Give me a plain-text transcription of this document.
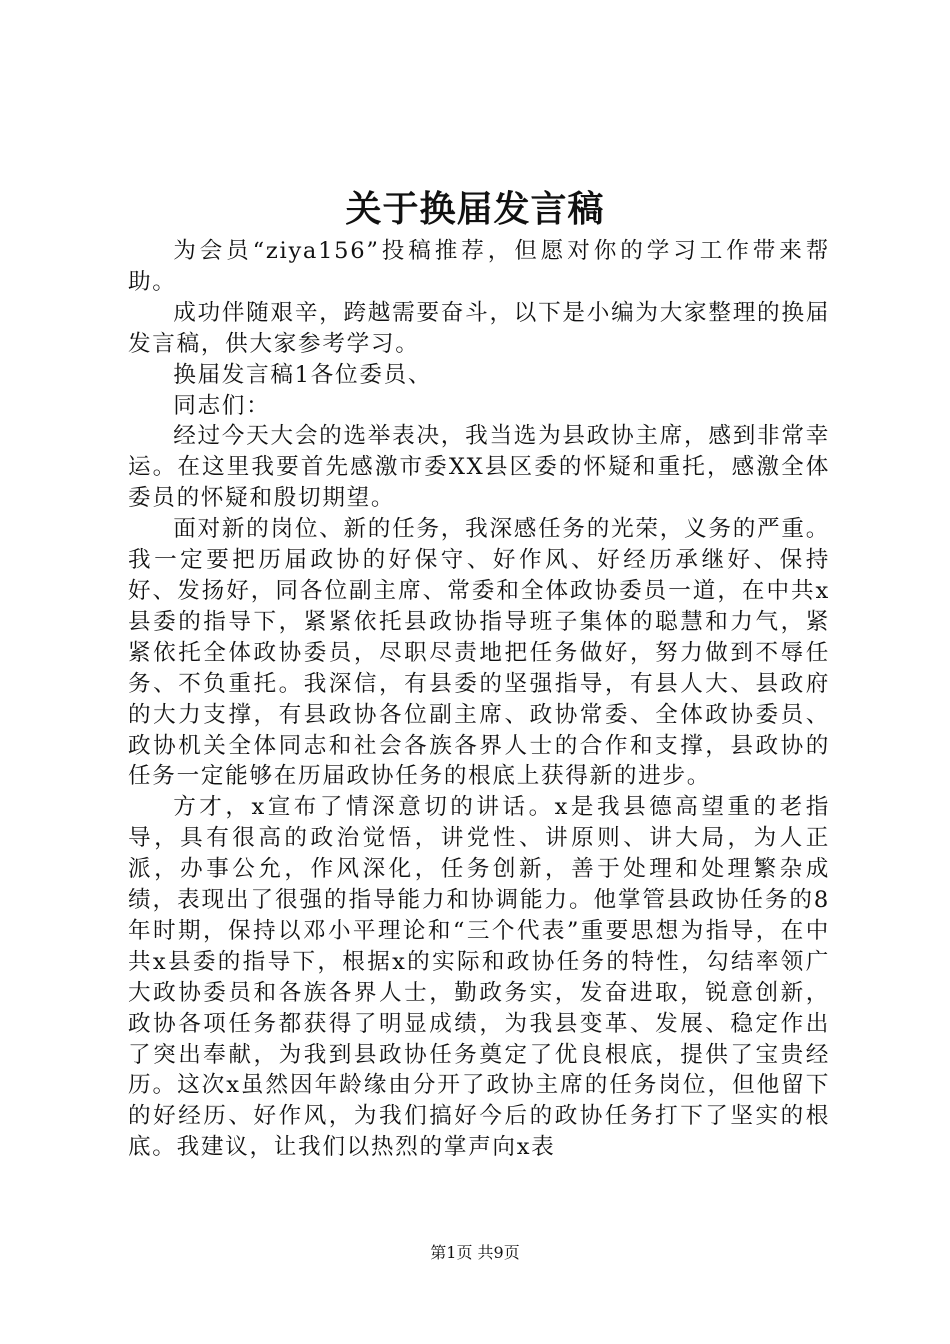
关于换届发言稿

为会员“ziya156”投稿推荐，但愿对你的学习工作带来帮助。

成功伴随艰辛，跨越需要奋斗，以下是小编为大家整理的换届发言稿，供大家参考学习。

换届发言稿1各位委员、

同志们：

经过今天大会的选举表决，我当选为县政协主席，感到非常幸运。在这里我要首先感激市委XX县区委的怀疑和重托，感激全体委员的怀疑和殷切期望。

面对新的岗位、新的任务，我深感任务的光荣，义务的严重。我一定要把历届政协的好保守、好作风、好经历承继好、保持好、发扬好，同各位副主席、常委和全体政协委员一道，在中共x县委的指导下，紧紧依托县政协指导班子集体的聪慧和力气，紧紧依托全体政协委员，尽职尽责地把任务做好，努力做到不辱任务、不负重托。我深信，有县委的坚强指导，有县人大、县政府的大力支撑，有县政协各位副主席、政协常委、全体政协委员、政协机关全体同志和社会各族各界人士的合作和支撑，县政协的任务一定能够在历届政协任务的根底上获得新的进步。

方才，x宣布了情深意切的讲话。x是我县德高望重的老指导，具有很高的政治觉悟，讲党性、讲原则、讲大局，为人正派，办事公允，作风深化，任务创新，善于处理和处理繁杂成绩，表现出了很强的指导能力和协调能力。他掌管县政协任务的8年时期，保持以邓小平理论和“三个代表”重要思想为指导，在中共x县委的指导下，根据x的实际和政协任务的特性，勾结率领广大政协委员和各族各界人士，勤政务实，发奋进取，锐意创新，政协各项任务都获得了明显成绩，为我县变革、发展、稳定作出了突出奉献，为我到县政协任务奠定了优良根底，提供了宝贵经历。这次x虽然因年龄缘由分开了政协主席的任务岗位，但他留下的好经历、好作风，为我们搞好今后的政协任务打下了坚实的根底。我建议，让我们以热烈的掌声向x表

第1页 共9页
